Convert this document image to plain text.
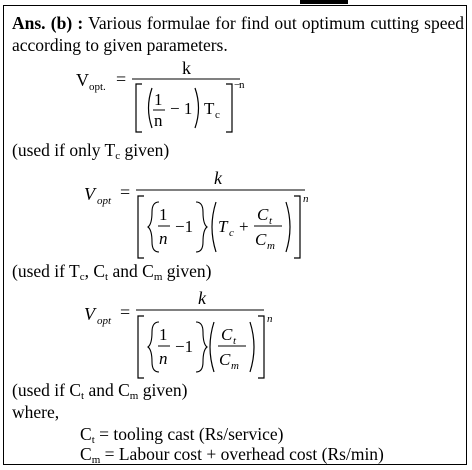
Ans. (b) : Various formulae for find out optimum cutting speed according to given parameters.
V opt. =
k
1
n
− 1 T c
−
n
(used if only $T_c$ given)
V opt =
k
1
n
−1 T c +
C t
C m
n
(used if $T_c$, $C_t$ and $C_m$ given)
V opt =
k
1
n
−1
C t
C m
n
(used if $C_t$ and $C_m$ given)
where,
$C_t$ = tooling cast (Rs/service)
$C_m$ = Labour cost + overhead cost (Rs/min)
